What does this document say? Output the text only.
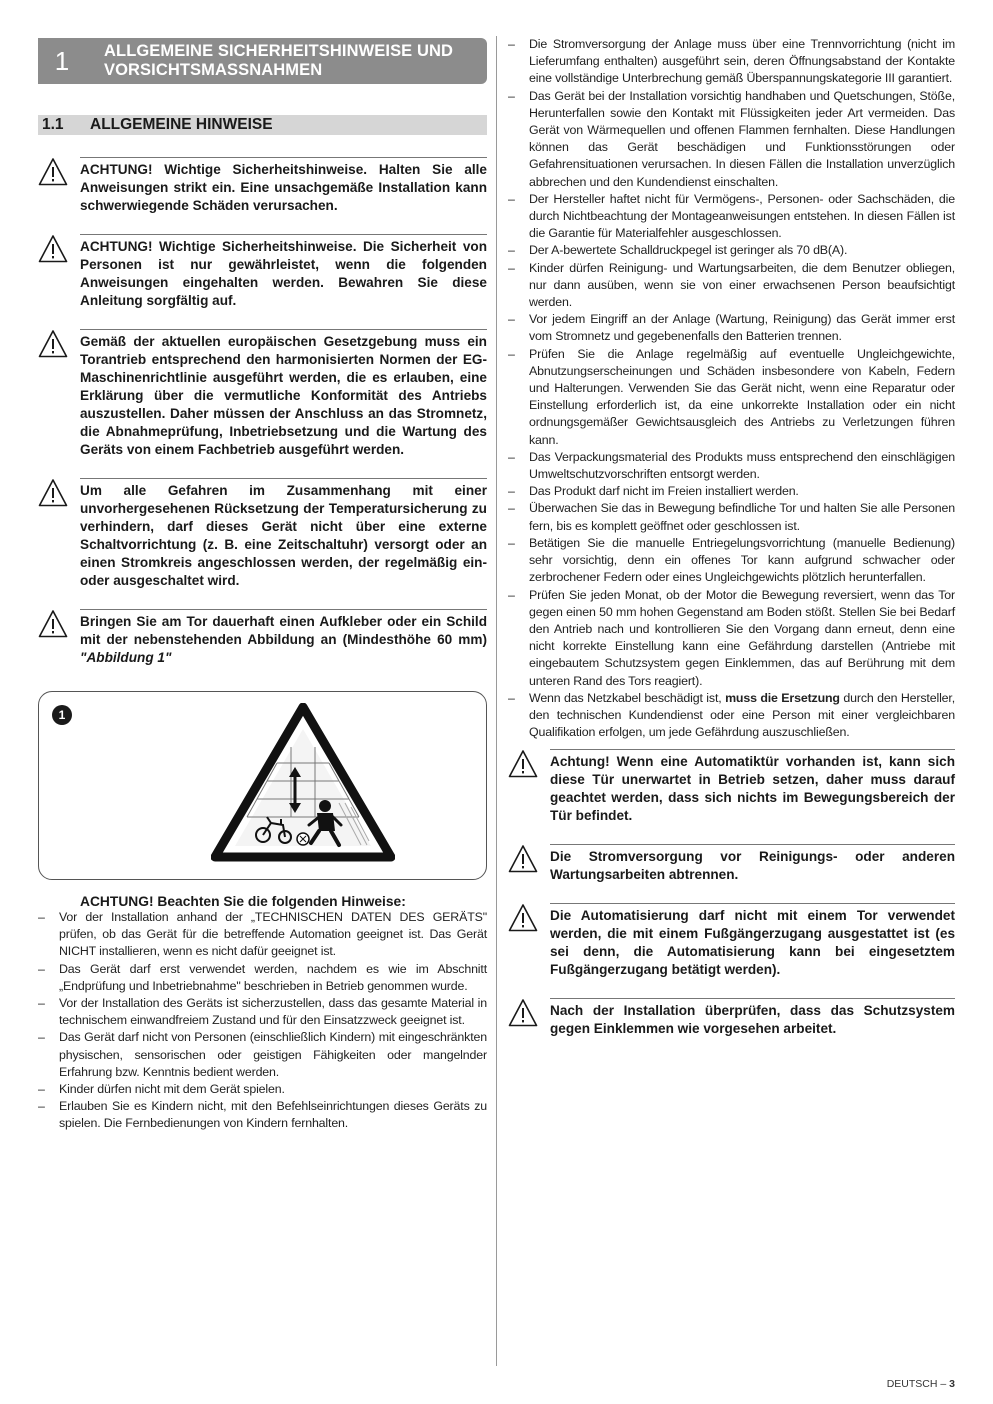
1	ALLGEMEINE SICHERHEITSHINWEISE UND
VORSICHTSMASSNAHMEN
1.1	ALLGEMEINE HINWEISE
ACHTUNG! Wichtige Sicherheitshinweise. Halten Sie alle Anweisungen strikt ein. Eine unsachgemäße Installation kann schwerwiegende Schäden verursachen.
ACHTUNG! Wichtige Sicherheitshinweise. Die Sicherheit von Personen ist nur gewährleistet, wenn die folgenden Anweisungen eingehalten werden. Bewahren Sie diese Anleitung sorgfältig auf.
Gemäß der aktuellen europäischen Gesetzgebung muss ein Torantrieb entsprechend den harmonisierten Normen der EG-Maschinenrichtlinie ausgeführt werden, die es erlauben, eine Erklärung über die vermutliche Konformität des Antriebs auszustellen. Daher müssen der Anschluss an das Stromnetz, die Abnahmeprüfung, Inbetriebsetzung und die Wartung des Geräts von einem Fachbetrieb ausgeführt werden.
Um alle Gefahren im Zusammenhang mit einer unvorhergesehenen Rücksetzung der Temperatursicherung zu verhindern, darf dieses Gerät nicht über eine externe Schaltvorrichtung (z. B. eine Zeitschaltuhr) versorgt oder an einen Stromkreis angeschlossen werden, der regelmäßig ein- oder ausgeschaltet wird.
Bringen Sie am Tor dauerhaft einen Aufkleber oder ein Schild mit der nebenstehenden Abbildung an (Mindesthöhe 60 mm) "Abbildung 1"
1
ACHTUNG! Beachten Sie die folgenden Hinweise:
– Vor der Installation anhand der „TECHNISCHEN DATEN DES GERÄTS" prüfen, ob das Gerät für die betreffende Automation geeignet ist. Das Gerät NICHT installieren, wenn es nicht dafür geeignet ist.
– Das Gerät darf erst verwendet werden, nachdem es wie im Abschnitt „Endprüfung und Inbetriebnahme" beschrieben in Betrieb genommen wurde.
– Vor der Installation des Geräts ist sicherzustellen, dass das gesamte Material in technischem einwandfreiem Zustand und für den Einsatzzweck geeignet ist.
– Das Gerät darf nicht von Personen (einschließlich Kindern) mit eingeschränkten physischen, sensorischen oder geistigen Fähigkeiten oder mangelnder Erfahrung bzw. Kenntnis bedient werden.
– Kinder dürfen nicht mit dem Gerät spielen.
– Erlauben Sie es Kindern nicht, mit den Befehlseinrichtungen dieses Geräts zu spielen. Die Fernbedienungen von Kindern fernhalten.
– Die Stromversorgung der Anlage muss über eine Trennvorrichtung (nicht im Lieferumfang enthalten) ausgeführt sein, deren Öffnungsabstand der Kontakte eine vollständige Unterbrechung gemäß Überspannungskategorie III garantiert.
– Das Gerät bei der Installation vorsichtig handhaben und Quetschungen, Stöße, Herunterfallen sowie den Kontakt mit Flüssigkeiten jeder Art vermeiden. Das Gerät von Wärmequellen und offenen Flammen fernhalten. Diese Handlungen können das Gerät beschädigen und Funktionsstörungen oder Gefahrensituationen verursachen. In diesen Fällen die Installation unverzüglich abbrechen und den Kundendienst einschalten.
– Der Hersteller haftet nicht für Vermögens-, Personen- oder Sachschäden, die durch Nichtbeachtung der Montageanweisungen entstehen. In diesen Fällen ist die Garantie für Materialfehler ausgeschlossen.
– Der A-bewertete Schalldruckpegel ist geringer als 70 dB(A).
– Kinder dürfen Reinigung- und Wartungsarbeiten, die dem Benutzer obliegen, nur dann ausüben, wenn sie von einer erwachsenen Person beaufsichtigt werden.
– Vor jedem Eingriff an der Anlage (Wartung, Reinigung) das Gerät immer erst vom Stromnetz und gegebenenfalls den Batterien trennen.
– Prüfen Sie die Anlage regelmäßig auf eventuelle Ungleichgewichte, Abnutzungserscheinungen und Schäden insbesondere von Kabeln, Federn und Halterungen. Verwenden Sie das Gerät nicht, wenn eine Reparatur oder Einstellung erforderlich ist, da eine unkorrekte Installation oder ein nicht ordnungsgemäßer Gewichtsausgleich des Antriebs zu Verletzungen führen kann.
– Das Verpackungsmaterial des Produkts muss entsprechend den einschlägigen Umweltschutzvorschriften entsorgt werden.
– Das Produkt darf nicht im Freien installiert werden.
– Überwachen Sie das in Bewegung befindliche Tor und halten Sie alle Personen fern, bis es komplett geöffnet oder geschlossen ist.
– Betätigen Sie die manuelle Entriegelungsvorrichtung (manuelle Bedienung) sehr vorsichtig, denn ein offenes Tor kann aufgrund schwacher oder zerbrochener Federn oder eines Ungleichgewichts plötzlich herunterfallen.
– Prüfen Sie jeden Monat, ob der Motor die Bewegung reversiert, wenn das Tor gegen einen 50 mm hohen Gegenstand am Boden stößt. Stellen Sie bei Bedarf den Antrieb nach und kontrollieren Sie den Vorgang dann erneut, denn eine nicht korrekte Einstellung kann eine Gefährdung darstellen (Antriebe mit eingebautem Schutzsystem gegen Einklemmen, das auf Berührung mit dem unteren Rand des Tors reagiert).
– Wenn das Netzkabel beschädigt ist, muss die Ersetzung durch den Hersteller, den technischen Kundendienst oder eine Person mit einer vergleichbaren Qualifikation erfolgen, um jede Gefährdung auszuschließen.
Achtung! Wenn eine Automatiktür vorhanden ist, kann sich diese Tür unerwartet in Betrieb setzen, daher muss darauf geachtet werden, dass sich nichts im Bewegungsbereich der Tür befindet.
Die Stromversorgung vor Reinigungs- oder anderen Wartungsarbeiten abtrennen.
Die Automatisierung darf nicht mit einem Tor verwendet werden, die mit einem Fußgängerzugang ausgestattet ist (es sei denn, die Automatisierung kann bei eingesetztem Fußgängerzugang betätigt werden).
Nach der Installation überprüfen, dass das Schutzsystem gegen Einklemmen wie vorgesehen arbeitet.
DEUTSCH – 3
